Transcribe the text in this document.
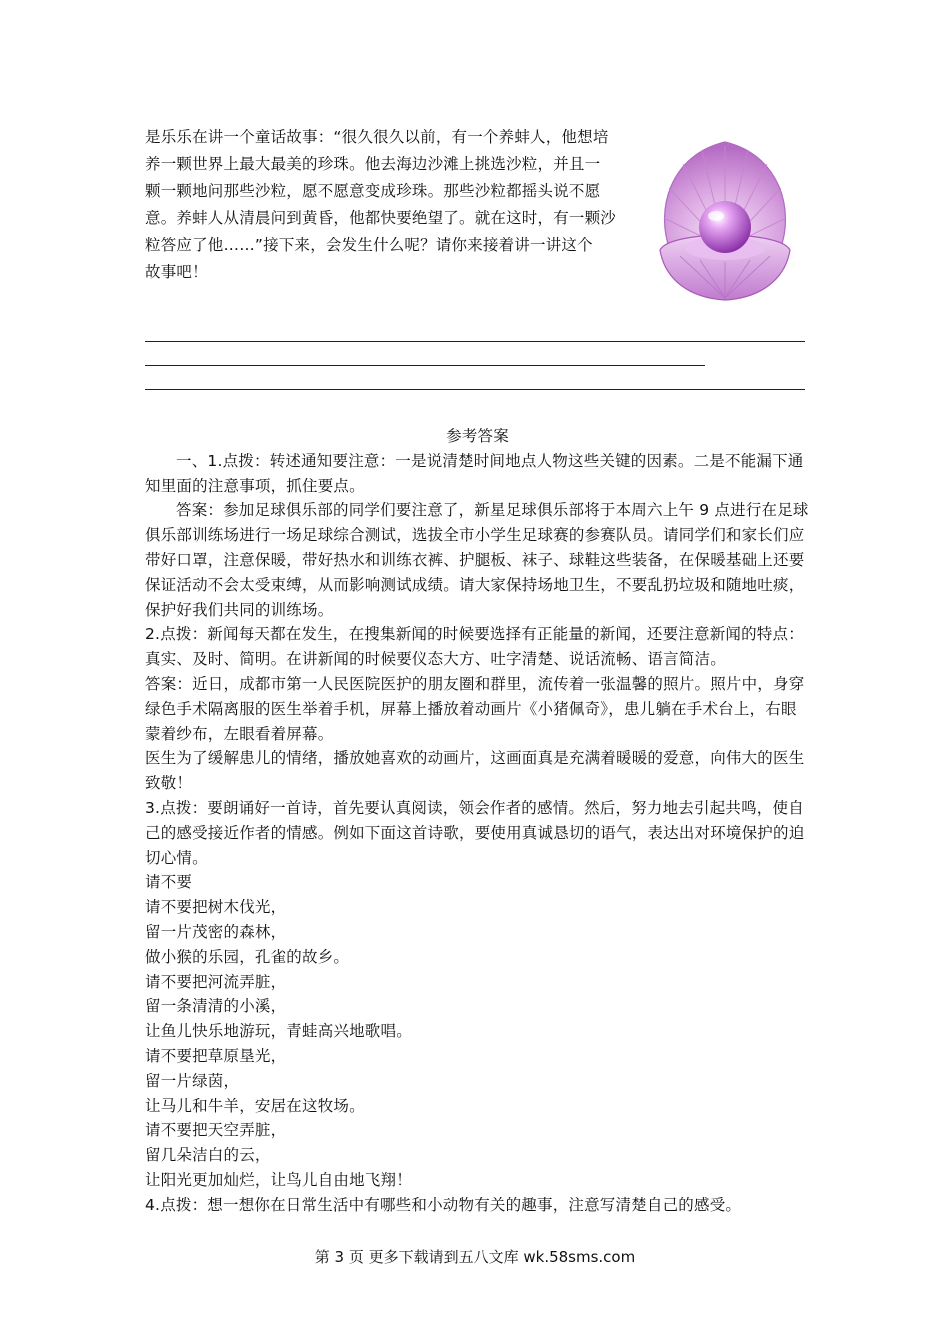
是乐乐在讲一个童话故事：“很久很久以前，有一个养蚌人，他想培

养一颗世界上最大最美的珍珠。他去海边沙滩上挑选沙粒，并且一

颗一颗地问那些沙粒，愿不愿意变成珍珠。那些沙粒都摇头说不愿

意。养蚌人从清晨问到黄昏，他都快要绝望了。就在这时，有一颗沙

粒答应了他……”接下来，会发生什么呢？请你来接着讲一讲这个

故事吧！

参考答案

一、1.点拨：转述通知要注意：一是说清楚时间地点人物这些关键的因素。二是不能漏下通知里面的注意事项，抓住要点。

答案：参加足球俱乐部的同学们要注意了，新星足球俱乐部将于本周六上午 9 点进行在足球俱乐部训练场进行一场足球综合测试，选拔全市小学生足球赛的参赛队员。请同学们和家长们应带好口罩，注意保暖，带好热水和训练衣裤、护腿板、袜子、球鞋这些装备，在保暖基础上还要保证活动不会太受束缚，从而影响测试成绩。请大家保持场地卫生，不要乱扔垃圾和随地吐痰，保护好我们共同的训练场。

2.点拨：新闻每天都在发生，在搜集新闻的时候要选择有正能量的新闻，还要注意新闻的特点：真实、及时、简明。在讲新闻的时候要仪态大方、吐字清楚、说话流畅、语言简洁。

答案：近日，成都市第一人民医院医护的朋友圈和群里，流传着一张温馨的照片。照片中，身穿绿色手术隔离服的医生举着手机，屏幕上播放着动画片《小猪佩奇》，患儿躺在手术台上，右眼蒙着纱布，左眼看着屏幕。

医生为了缓解患儿的情绪，播放她喜欢的动画片，这画面真是充满着暖暖的爱意，向伟大的医生致敬！

3.点拨：要朗诵好一首诗，首先要认真阅读，领会作者的感情。然后，努力地去引起共鸣，使自己的感受接近作者的情感。例如下面这首诗歌，要使用真诚恳切的语气，表达出对环境保护的迫切心情。

请不要

请不要把树木伐光，

留一片茂密的森林，

做小猴的乐园，孔雀的故乡。

请不要把河流弄脏，

留一条清清的小溪，

让鱼儿快乐地游玩，青蛙高兴地歌唱。

请不要把草原垦光，

留一片绿茵，

让马儿和牛羊，安居在这牧场。

请不要把天空弄脏，

留几朵洁白的云，

让阳光更加灿烂，让鸟儿自由地飞翔！

4.点拨：想一想你在日常生活中有哪些和小动物有关的趣事，注意写清楚自己的感受。

第 3 页 更多下载请到五八文库 wk.58sms.com
